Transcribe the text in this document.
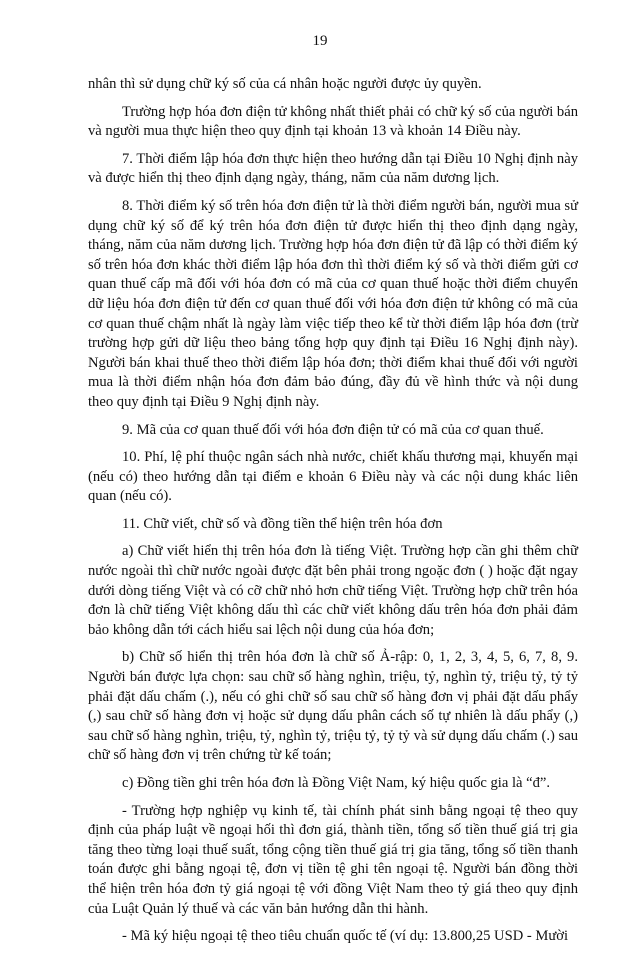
19

nhân thì sử dụng chữ ký số của cá nhân hoặc người được ủy quyền.

Trường hợp hóa đơn điện tử không nhất thiết phải có chữ ký số của người bán và người mua thực hiện theo quy định tại khoản 13 và khoản 14 Điều này.

7. Thời điểm lập hóa đơn thực hiện theo hướng dẫn tại Điều 10 Nghị định này và được hiển thị theo định dạng ngày, tháng, năm của năm dương lịch.

8. Thời điểm ký số trên hóa đơn điện tử là thời điểm người bán, người mua sử dụng chữ ký số để ký trên hóa đơn điện tử được hiển thị theo định dạng ngày, tháng, năm của năm dương lịch. Trường hợp hóa đơn điện tử đã lập có thời điểm ký số trên hóa đơn khác thời điểm lập hóa đơn thì thời điểm ký số và thời điểm gửi cơ quan thuế cấp mã đối với hóa đơn có mã của cơ quan thuế hoặc thời điểm chuyển dữ liệu hóa đơn điện tử đến cơ quan thuế đối với hóa đơn điện tử không có mã của cơ quan thuế chậm nhất là ngày làm việc tiếp theo kể từ thời điểm lập hóa đơn (trừ trường hợp gửi dữ liệu theo bảng tổng hợp quy định tại Điều 16 Nghị định này). Người bán khai thuế theo thời điểm lập hóa đơn; thời điểm khai thuế đối với người mua là thời điểm nhận hóa đơn đảm bảo đúng, đầy đủ về hình thức và nội dung theo quy định tại Điều 9 Nghị định này.

9. Mã của cơ quan thuế đối với hóa đơn điện tử có mã của cơ quan thuế.

10. Phí, lệ phí thuộc ngân sách nhà nước, chiết khấu thương mại, khuyến mại (nếu có) theo hướng dẫn tại điểm e khoản 6 Điều này và các nội dung khác liên quan (nếu có).

11. Chữ viết, chữ số và đồng tiền thể hiện trên hóa đơn

a) Chữ viết hiển thị trên hóa đơn là tiếng Việt. Trường hợp cần ghi thêm chữ nước ngoài thì chữ nước ngoài được đặt bên phải trong ngoặc đơn ( ) hoặc đặt ngay dưới dòng tiếng Việt và có cỡ chữ nhỏ hơn chữ tiếng Việt. Trường hợp chữ trên hóa đơn là chữ tiếng Việt không dấu thì các chữ viết không dấu trên hóa đơn phải đảm bảo không dẫn tới cách hiểu sai lệch nội dung của hóa đơn;

b) Chữ số hiển thị trên hóa đơn là chữ số Ả-rập: 0, 1, 2, 3, 4, 5, 6, 7, 8, 9. Người bán được lựa chọn: sau chữ số hàng nghìn, triệu, tỷ, nghìn tỷ, triệu tỷ, tỷ tỷ phải đặt dấu chấm (.), nếu có ghi chữ số sau chữ số hàng đơn vị phải đặt dấu phẩy (,) sau chữ số hàng đơn vị hoặc sử dụng dấu phân cách số tự nhiên là dấu phẩy (,) sau chữ số hàng nghìn, triệu, tỷ, nghìn tỷ, triệu tỷ, tỷ tỷ và sử dụng dấu chấm (.) sau chữ số hàng đơn vị trên chứng từ kế toán;

c) Đồng tiền ghi trên hóa đơn là Đồng Việt Nam, ký hiệu quốc gia là “đ”.

- Trường hợp nghiệp vụ kinh tế, tài chính phát sinh bằng ngoại tệ theo quy định của pháp luật về ngoại hối thì đơn giá, thành tiền, tổng số tiền thuế giá trị gia tăng theo từng loại thuế suất, tổng cộng tiền thuế giá trị gia tăng, tổng số tiền thanh toán được ghi bằng ngoại tệ, đơn vị tiền tệ ghi tên ngoại tệ. Người bán đồng thời thể hiện trên hóa đơn tỷ giá ngoại tệ với đồng Việt Nam theo tỷ giá theo quy định của Luật Quản lý thuế và các văn bản hướng dẫn thi hành.

- Mã ký hiệu ngoại tệ theo tiêu chuẩn quốc tế (ví dụ: 13.800,25 USD - Mười
